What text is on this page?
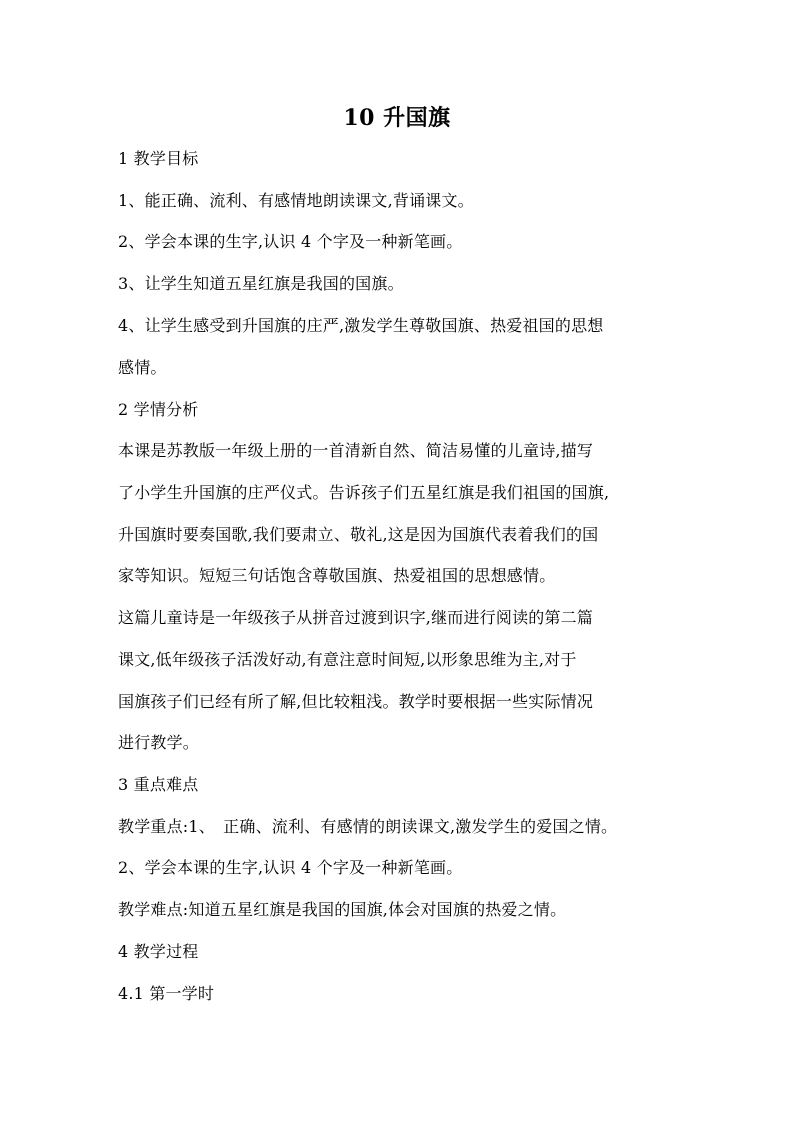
10 升国旗
1 教学目标
1、能正确、流利、有感情地朗读课文,背诵课文。
2、学会本课的生字,认识 4 个字及一种新笔画。
3、让学生知道五星红旗是我国的国旗。
4、让学生感受到升国旗的庄严,激发学生尊敬国旗、热爱祖国的思想
感情。
2 学情分析
本课是苏教版一年级上册的一首清新自然、简洁易懂的儿童诗,描写
了小学生升国旗的庄严仪式。告诉孩子们五星红旗是我们祖国的国旗,
升国旗时要奏国歌,我们要肃立、敬礼,这是因为国旗代表着我们的国
家等知识。短短三句话饱含尊敬国旗、热爱祖国的思想感情。
这篇儿童诗是一年级孩子从拼音过渡到识字,继而进行阅读的第二篇
课文,低年级孩子活泼好动,有意注意时间短,以形象思维为主,对于
国旗孩子们已经有所了解,但比较粗浅。教学时要根据一些实际情况
进行教学。
3 重点难点
教学重点:1、　正确、流利、有感情的朗读课文,激发学生的爱国之情。
2、学会本课的生字,认识 4 个字及一种新笔画。
教学难点:知道五星红旗是我国的国旗,体会对国旗的热爱之情。
4 教学过程
4.1 第一学时
